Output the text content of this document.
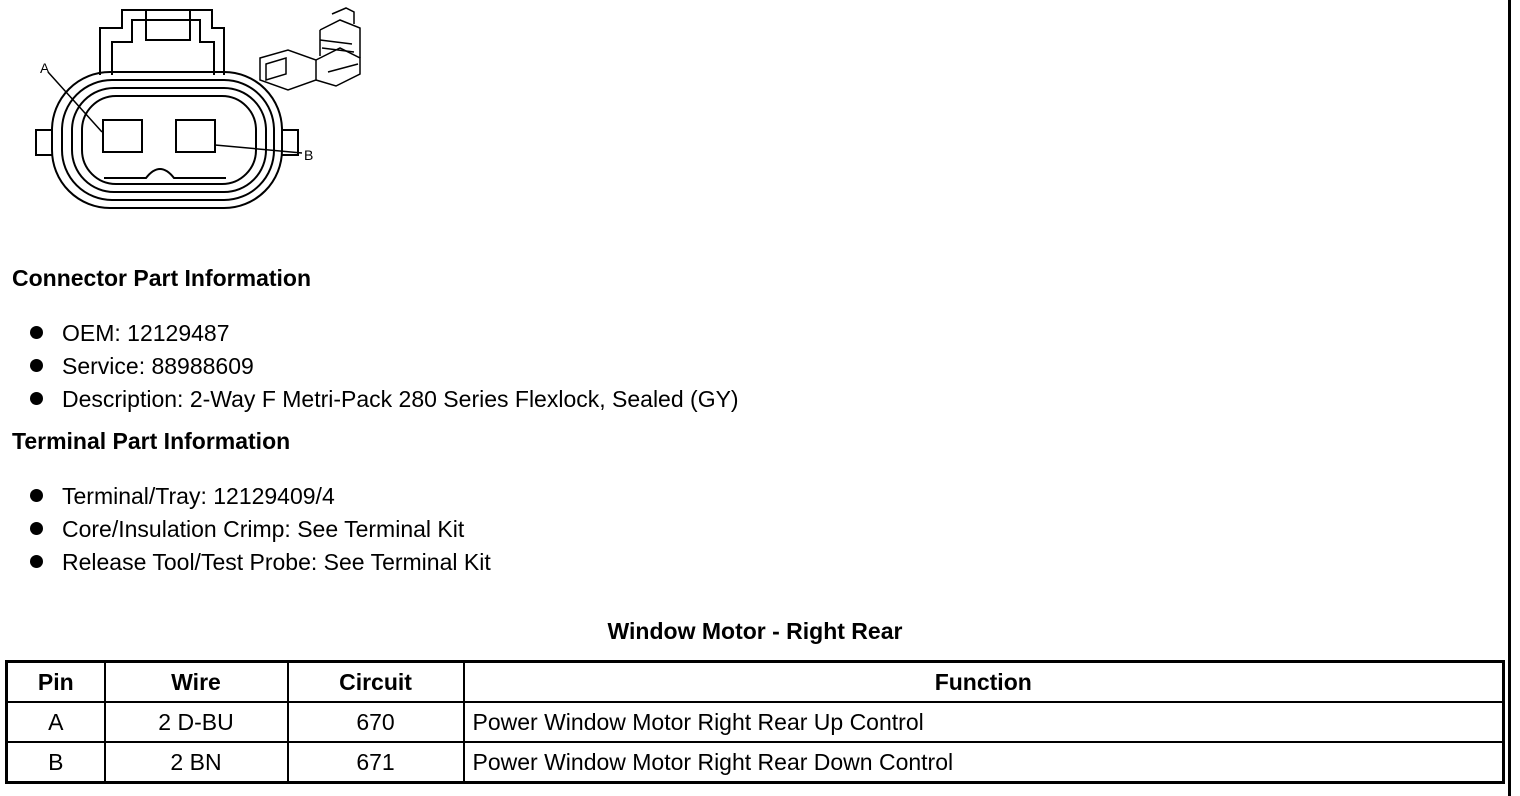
A
B
Connector Part Information
OEM: 12129487
Service: 88988609
Description: 2-Way F Metri-Pack 280 Series Flexlock, Sealed (GY)
Terminal Part Information
Terminal/Tray: 12129409/4
Core/Insulation Crimp: See Terminal Kit
Release Tool/Test Probe: See Terminal Kit
Window Motor - Right Rear
Pin	Wire	Circuit	Function
A	2 D-BU	670	Power Window Motor Right Rear Up Control
B	2 BN	671	Power Window Motor Right Rear Down Control
